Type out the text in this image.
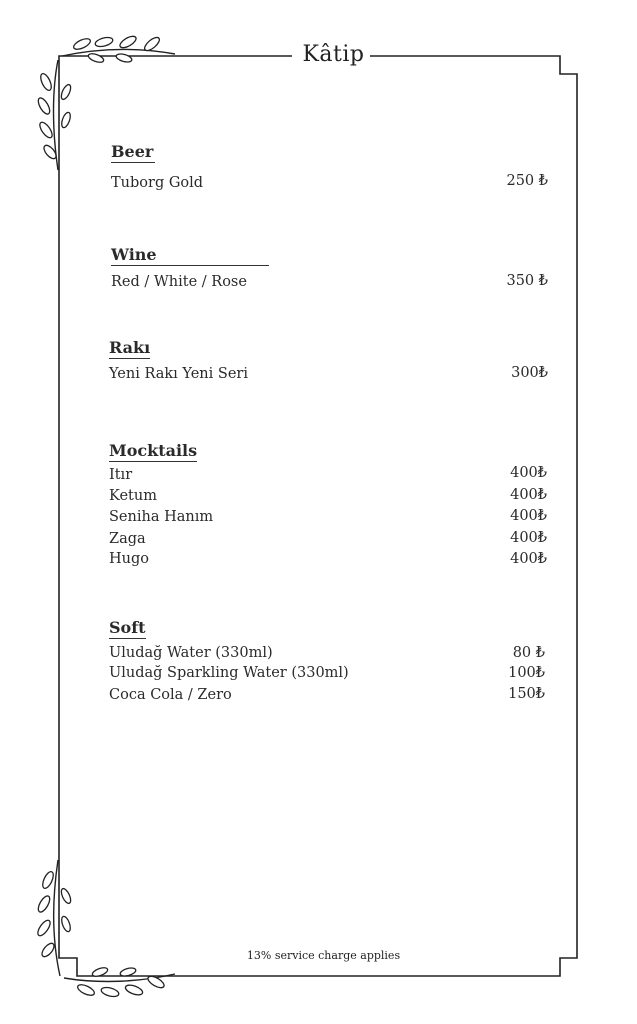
Kâtip
Beer
Tuborg Gold	250 ₺
Wine
Red / White / Rose	350 ₺
Rakı
Yeni Rakı Yeni Seri	300₺
Mocktails
Itır	400₺
Ketum	400₺
Seniha Hanım	400₺
Zaga	400₺
Hugo	400₺
Soft
Uludağ Water (330ml)	80 ₺
Uludağ Sparkling Water (330ml)	100₺
Coca Cola / Zero	150₺
13% service charge applies
